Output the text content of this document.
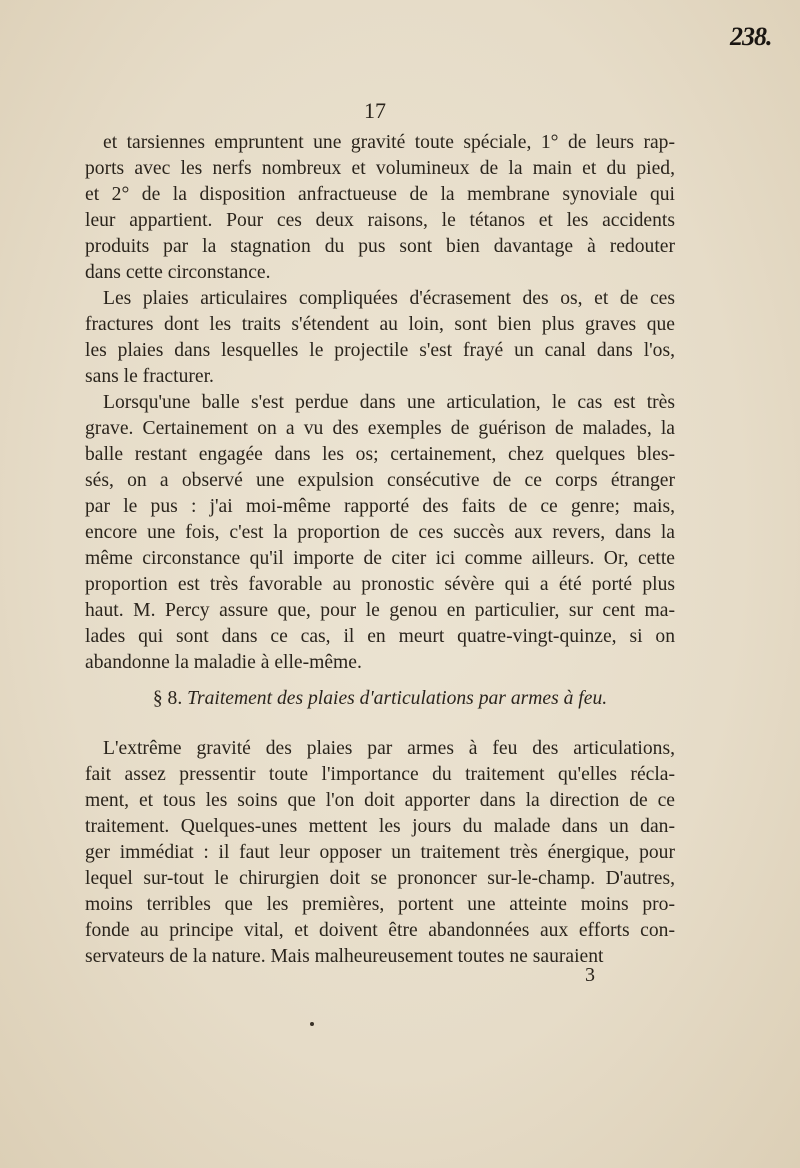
238.
17
et tarsiennes empruntent une gravité toute spéciale, 1° de leurs rap-
ports avec les nerfs nombreux et volumineux de la main et du pied,
et 2° de la disposition anfractueuse de la membrane synoviale qui
leur appartient. Pour ces deux raisons, le tétanos et les accidents
produits par la stagnation du pus sont bien davantage à redouter
dans cette circonstance.
Les plaies articulaires compliquées d'écrasement des os, et de ces
fractures dont les traits s'étendent au loin, sont bien plus graves que
les plaies dans lesquelles le projectile s'est frayé un canal dans l'os,
sans le fracturer.
Lorsqu'une balle s'est perdue dans une articulation, le cas est très
grave. Certainement on a vu des exemples de guérison de malades, la
balle restant engagée dans les os; certainement, chez quelques bles-
sés, on a observé une expulsion consécutive de ce corps étranger
par le pus : j'ai moi-même rapporté des faits de ce genre; mais,
encore une fois, c'est la proportion de ces succès aux revers, dans la
même circonstance qu'il importe de citer ici comme ailleurs. Or, cette
proportion est très favorable au pronostic sévère qui a été porté plus
haut. M. Percy assure que, pour le genou en particulier, sur cent ma-
lades qui sont dans ce cas, il en meurt quatre-vingt-quinze, si on
abandonne la maladie à elle-même.
§ 8. Traitement des plaies d'articulations par armes à feu.
L'extrême gravité des plaies par armes à feu des articulations,
fait assez pressentir toute l'importance du traitement qu'elles récla-
ment, et tous les soins que l'on doit apporter dans la direction de ce
traitement. Quelques-unes mettent les jours du malade dans un dan-
ger immédiat : il faut leur opposer un traitement très énergique, pour
lequel sur-tout le chirurgien doit se prononcer sur-le-champ. D'autres,
moins terribles que les premières, portent une atteinte moins pro-
fonde au principe vital, et doivent être abandonnées aux efforts con-
servateurs de la nature. Mais malheureusement toutes ne sauraient
3
